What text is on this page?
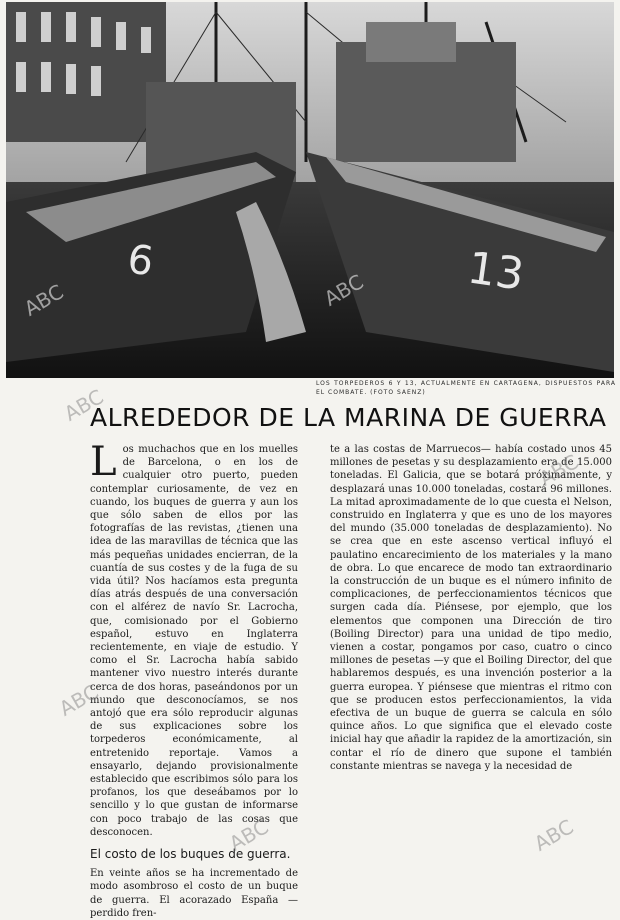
6	13
LOS TORPEDEROS 6 Y 13, ACTUALMENTE EN CARTAGENA, DISPUESTOS PARA EL COMBATE. (FOTO SAENZ)
ALREDEDOR DE LA MARINA DE GUERRA

Los muchachos que en los muelles de Barcelona, o en los de cualquier otro puerto, pueden contemplar curiosamente, de vez en cuando, los buques de guerra y aun los que sólo saben de ellos por las fotografías de las revistas, ¿tienen una idea de las maravillas de técnica que las más pequeñas unidades encierran, de la cuantía de sus costes y de la fuga de su vida útil? Nos hacíamos esta pregunta días atrás después de una conversación con el alférez de navío Sr. Lacrocha, que, comisionado por el Gobierno español, estuvo en Inglaterra recientemente, en viaje de estudio. Y como el Sr. Lacrocha había sabido mantener vivo nuestro interés durante cerca de dos horas, paseándonos por un mundo que desconocíamos, se nos antojó que era sólo reproducir algunas de sus explicaciones sobre los torpederos económicamente, al entretenido reportaje. Vamos a ensayarlo, dejando provisionalmente establecido que escribimos sólo para los profanos, los que deseábamos por lo sencillo y lo que gustan de informarse con poco trabajo de las cosas que desconocen.

El costo de los buques de guerra.

En veinte años se ha incrementado de modo asombroso el costo de un buque de guerra. El acorazado España —perdido fren-

te a las costas de Marruecos— había costado unos 45 millones de pesetas y su desplazamiento era de 15.000 toneladas. El Galicia, que se botará próximamente, y desplazará unas 10.000 toneladas, costará 96 millones. La mitad aproximadamente de lo que cuesta el Nelson, construido en Inglaterra y que es uno de los mayores del mundo (35.000 toneladas de desplazamiento). No se crea que en este ascenso vertical influyó el paulatino encarecimiento de los materiales y la mano de obra. Lo que encarece de modo tan extraordinario la construcción de un buque es el número infinito de complicaciones, de perfeccionamientos técnicos que surgen cada día. Piénsese, por ejemplo, que los elementos que componen una Dirección de tiro (Boiling Director) para una unidad de tipo medio, vienen a costar, pongamos por caso, cuatro o cinco millones de pesetas —y que el Boiling Director, del que hablaremos después, es una invención posterior a la guerra europea. Y piénsese que mientras el ritmo con que se producen estos perfeccionamientos, la vida efectiva de un buque de guerra se calcula en sólo quince años. Lo que significa que el elevado coste inicial hay que añadir la rapidez de la amortización, sin contar el río de dinero que supone el también constante mientras se navega y la necesidad de

ABC	ABC
ABC
ABC
ABC
ABC	ABC
